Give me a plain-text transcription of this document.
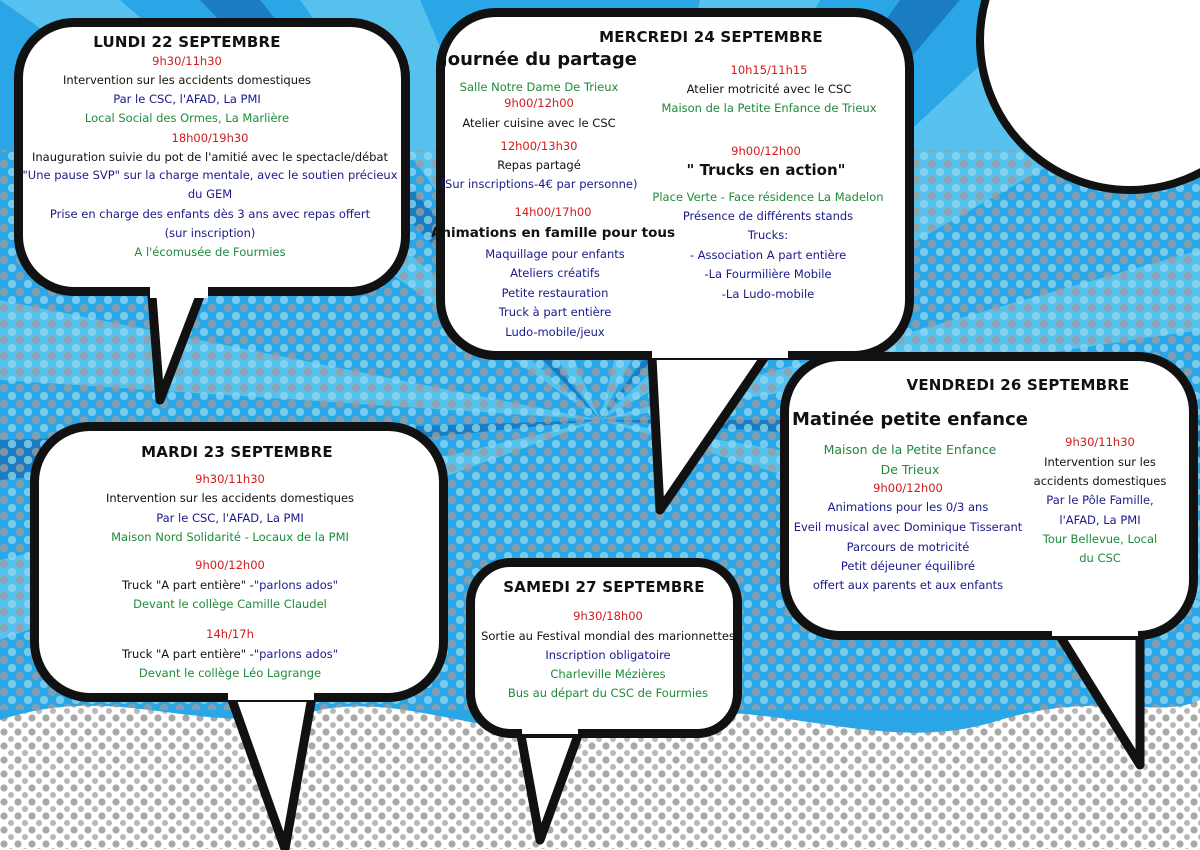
LUNDI 22 SEPTEMBRE
9h30/11h30
Intervention sur les accidents domestiques
Par le CSC, l'AFAD, La PMI
Local Social des Ormes, La Marlière
18h00/19h30
Inauguration suivie du pot de l'amitié avec le spectacle/débat
"Une pause SVP" sur la charge mentale, avec le soutien précieux
du GEM
Prise en charge des enfants dès 3 ans avec repas offert
(sur inscription)
A l'écomusée de Fourmies
MERCREDI 24 SEPTEMBRE
Journée du partage
Salle Notre Dame De Trieux
9h00/12h00
Atelier cuisine avec le CSC
12h00/13h30
Repas partagé
(Sur inscriptions-4€ par personne)
14h00/17h00
Animations en famille pour tous
Maquillage pour enfants
Ateliers créatifs
Petite restauration
Truck à part entière
Ludo-mobile/jeux
10h15/11h15
Atelier motricité avec le CSC
Maison de la Petite Enfance de Trieux
9h00/12h00
" Trucks en action"
Place Verte - Face résidence La Madelon
Présence de différents stands
Trucks:
- Association A part entière
-La Fourmilière Mobile
-La Ludo-mobile
MARDI 23 SEPTEMBRE
9h30/11h30
Intervention sur les accidents domestiques
Par le CSC, l'AFAD, La PMI
Maison Nord Solidarité - Locaux de la PMI
9h00/12h00
Truck "A part entière" -"parlons ados"
Devant le collège Camille Claudel
14h/17h
Truck "A part entière" -"parlons ados"
Devant le collège Léo Lagrange
SAMEDI 27 SEPTEMBRE
9h30/18h00
Sortie au Festival mondial des marionnettes
Inscription obligatoire
Charleville Mézières
Bus au départ du CSC de Fourmies
VENDREDI 26 SEPTEMBRE
Matinée petite enfance
Maison de la Petite Enfance
De Trieux
9h00/12h00
Animations pour les 0/3 ans
Eveil musical avec Dominique Tisserant
Parcours de motricité
Petit déjeuner équilibré
offert aux parents et aux enfants
9h30/11h30
Intervention sur les
accidents domestiques
Par le Pôle Famille,
l'AFAD, La PMI
Tour Bellevue, Local
du CSC
